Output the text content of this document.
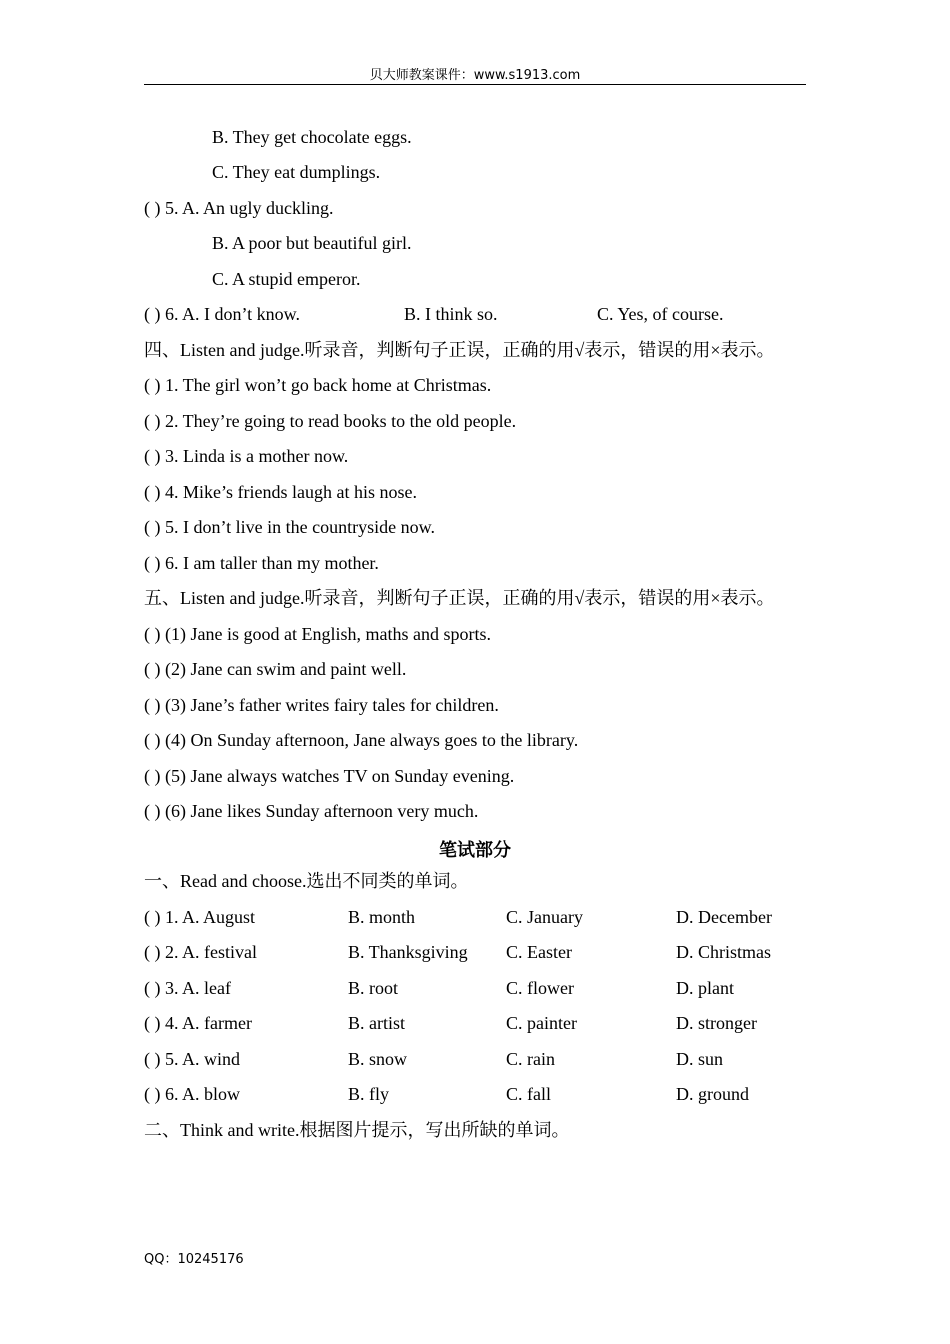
贝大师教案课件：www.s1913.com
B. They get chocolate eggs.
C. They eat dumplings.
( ) 5. A. An ugly duckling.
B. A poor but beautiful girl.
C. A stupid emperor.
( ) 6. A. I don’t know.	B. I think so.	C. Yes, of course.
四、Listen and judge.听录音，判断句子正误，正确的用√表示，错误的用×表示。
( ) 1. The girl won’t go back home at Christmas.
( ) 2. They’re going to read books to the old people.
( ) 3. Linda is a mother now.
( ) 4. Mike’s friends laugh at his nose.
( ) 5. I don’t live in the countryside now.
( ) 6. I am taller than my mother.
五、Listen and judge.听录音，判断句子正误，正确的用√表示，错误的用×表示。
( ) (1) Jane is good at English, maths and sports.
( ) (2) Jane can swim and paint well.
( ) (3) Jane’s father writes fairy tales for children.
( ) (4) On Sunday afternoon, Jane always goes to the library.
( ) (5) Jane always watches TV on Sunday evening.
( ) (6) Jane likes Sunday afternoon very much.
笔试部分
一、Read and choose.选出不同类的单词。
( ) 1. A. August	B. month	C. January	D. December
( ) 2. A. festival	B. Thanksgiving C. Easter	D. Christmas
( ) 3. A. leaf	B. root	C. flower	D. plant
( ) 4. A. farmer	B. artist	C. painter	D. stronger
( ) 5. A. wind	B. snow	C. rain	D. sun
( ) 6. A. blow	B. fly	C. fall	D. ground
二、Think and write.根据图片提示，写出所缺的单词。
QQ：10245176
